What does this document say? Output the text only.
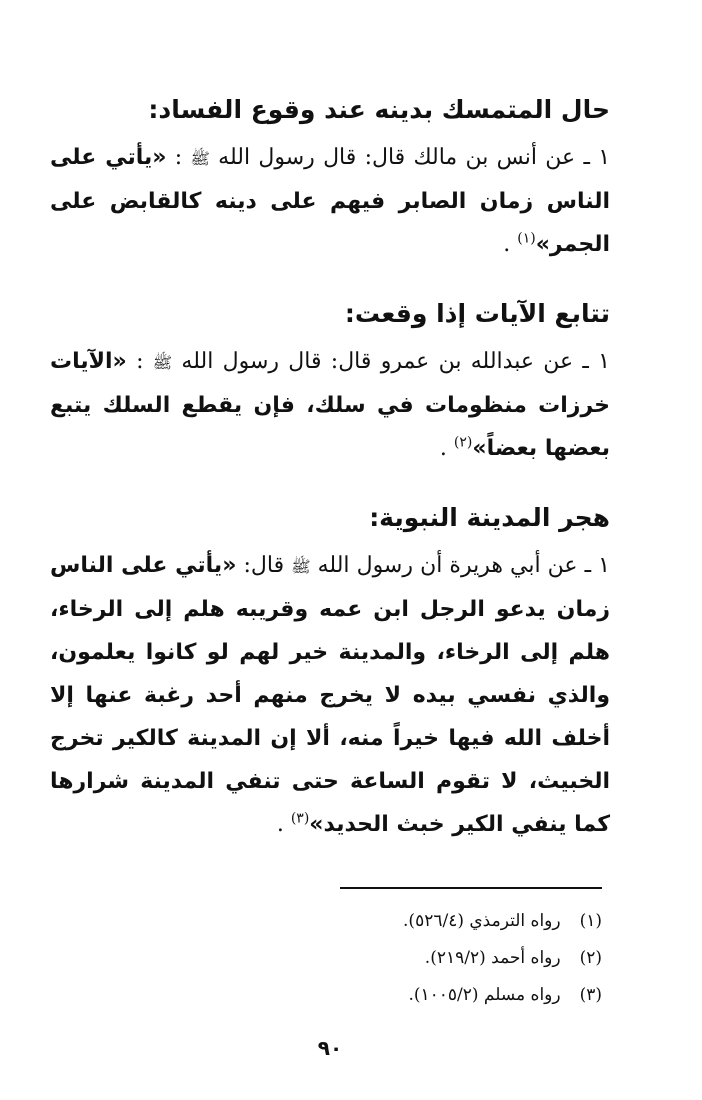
حال المتمسك بدينه عند وقوع الفساد:

١ ـ عن أنس بن مالك قال: قال رسول الله ﷺ : «يأتي على الناس زمان الصابر فيهم على دينه كالقابض على الجمر»$^{(١)}$ .

تتابع الآيات إذا وقعت:

١ ـ عن عبدالله بن عمرو قال: قال رسول الله ﷺ : «الآيات خرزات منظومات في سلك، فإن يقطع السلك يتبع بعضها بعضاً»$^{(٢)}$ .

هجر المدينة النبوية:

١ ـ عن أبي هريرة أن رسول الله ﷺ قال: «يأتي على الناس زمان يدعو الرجل ابن عمه وقريبه هلم إلى الرخاء، هلم إلى الرخاء، والمدينة خير لهم لو كانوا يعلمون، والذي نفسي بيده لا يخرج منهم أحد رغبة عنها إلا أخلف الله فيها خيراً منه، ألا إن المدينة كالكير تخرج الخبيث، لا تقوم الساعة حتى تنفي المدينة شرارها كما ينفي الكير خبث الحديد»$^{(٣)}$ .

(١) رواه الترمذي (٥٢٦/٤).
(٢) رواه أحمد (٢١٩/٢).
(٣) رواه مسلم (١٠٠٥/٢).
٩٠
